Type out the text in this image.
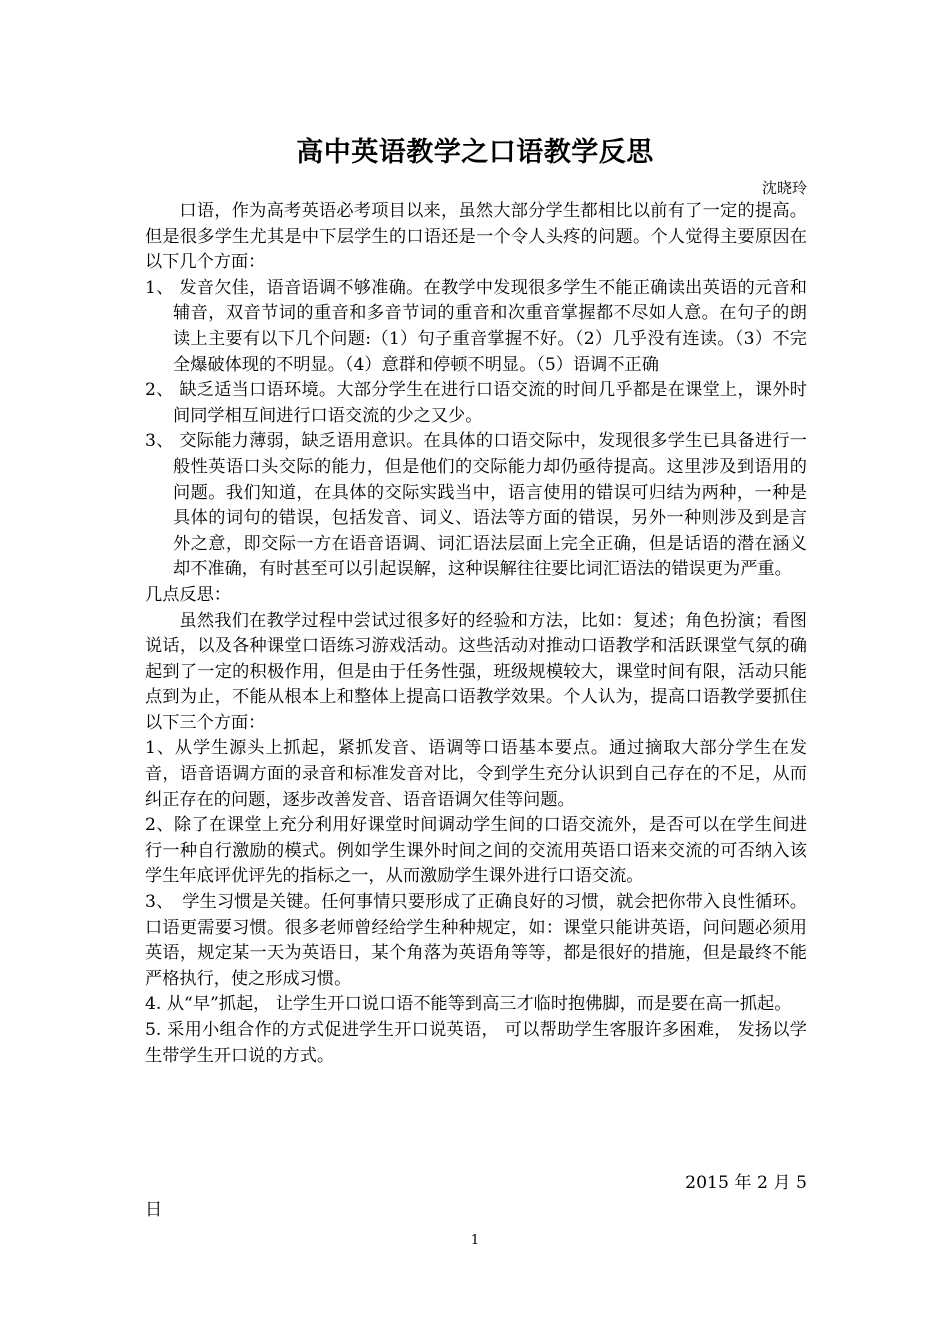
高中英语教学之口语教学反思
沈晓玲

口语，作为高考英语必考项目以来，虽然大部分学生都相比以前有了一定的提高。但是很多学生尤其是中下层学生的口语还是一个令人头疼的问题。个人觉得主要原因在以下几个方面：

1、 发音欠佳，语音语调不够准确。在教学中发现很多学生不能正确读出英语的元音和辅音，双音节词的重音和多音节词的重音和次重音掌握都不尽如人意。在句子的朗读上主要有以下几个问题:（1）句子重音掌握不好。（2）几乎没有连读。（3）不完全爆破体现的不明显。（4）意群和停顿不明显。（5）语调不正确

2、 缺乏适当口语环境。大部分学生在进行口语交流的时间几乎都是在课堂上，课外时间同学相互间进行口语交流的少之又少。

3、 交际能力薄弱，缺乏语用意识。在具体的口语交际中，发现很多学生已具备进行一般性英语口头交际的能力，但是他们的交际能力却仍亟待提高。这里涉及到语用的问题。我们知道，在具体的交际实践当中，语言使用的错误可归结为两种，一种是具体的词句的错误，包括发音、词义、语法等方面的错误，另外一种则涉及到是言外之意，即交际一方在语音语调、词汇语法层面上完全正确，但是话语的潜在涵义却不准确，有时甚至可以引起误解，这种误解往往要比词汇语法的错误更为严重。

几点反思：

虽然我们在教学过程中尝试过很多好的经验和方法，比如：复述；角色扮演；看图说话，以及各种课堂口语练习游戏活动。这些活动对推动口语教学和活跃课堂气氛的确起到了一定的积极作用，但是由于任务性强，班级规模较大，课堂时间有限，活动只能点到为止，不能从根本上和整体上提高口语教学效果。个人认为，提高口语教学要抓住以下三个方面：

1、从学生源头上抓起，紧抓发音、语调等口语基本要点。通过摘取大部分学生在发音，语音语调方面的录音和标准发音对比，令到学生充分认识到自己存在的不足，从而纠正存在的问题，逐步改善发音、语音语调欠佳等问题。

2、除了在课堂上充分利用好课堂时间调动学生间的口语交流外，是否可以在学生间进行一种自行激励的模式。例如学生课外时间之间的交流用英语口语来交流的可否纳入该学生年底评优评先的指标之一，从而激励学生课外进行口语交流。

3、　学生习惯是关键。任何事情只要形成了正确良好的习惯，就会把你带入良性循环。口语更需要习惯。很多老师曾经给学生种种规定，如：课堂只能讲英语，问问题必须用英语，规定某一天为英语日，某个角落为英语角等等，都是很好的措施，但是最终不能严格执行，使之形成习惯。

4. 从“早”抓起， 让学生开口说口语不能等到高三才临时抱佛脚，而是要在高一抓起。

5. 采用小组合作的方式促进学生开口说英语， 可以帮助学生客服许多困难， 发扬以学生带学生开口说的方式。

2015 年 2 月 5
日
1
